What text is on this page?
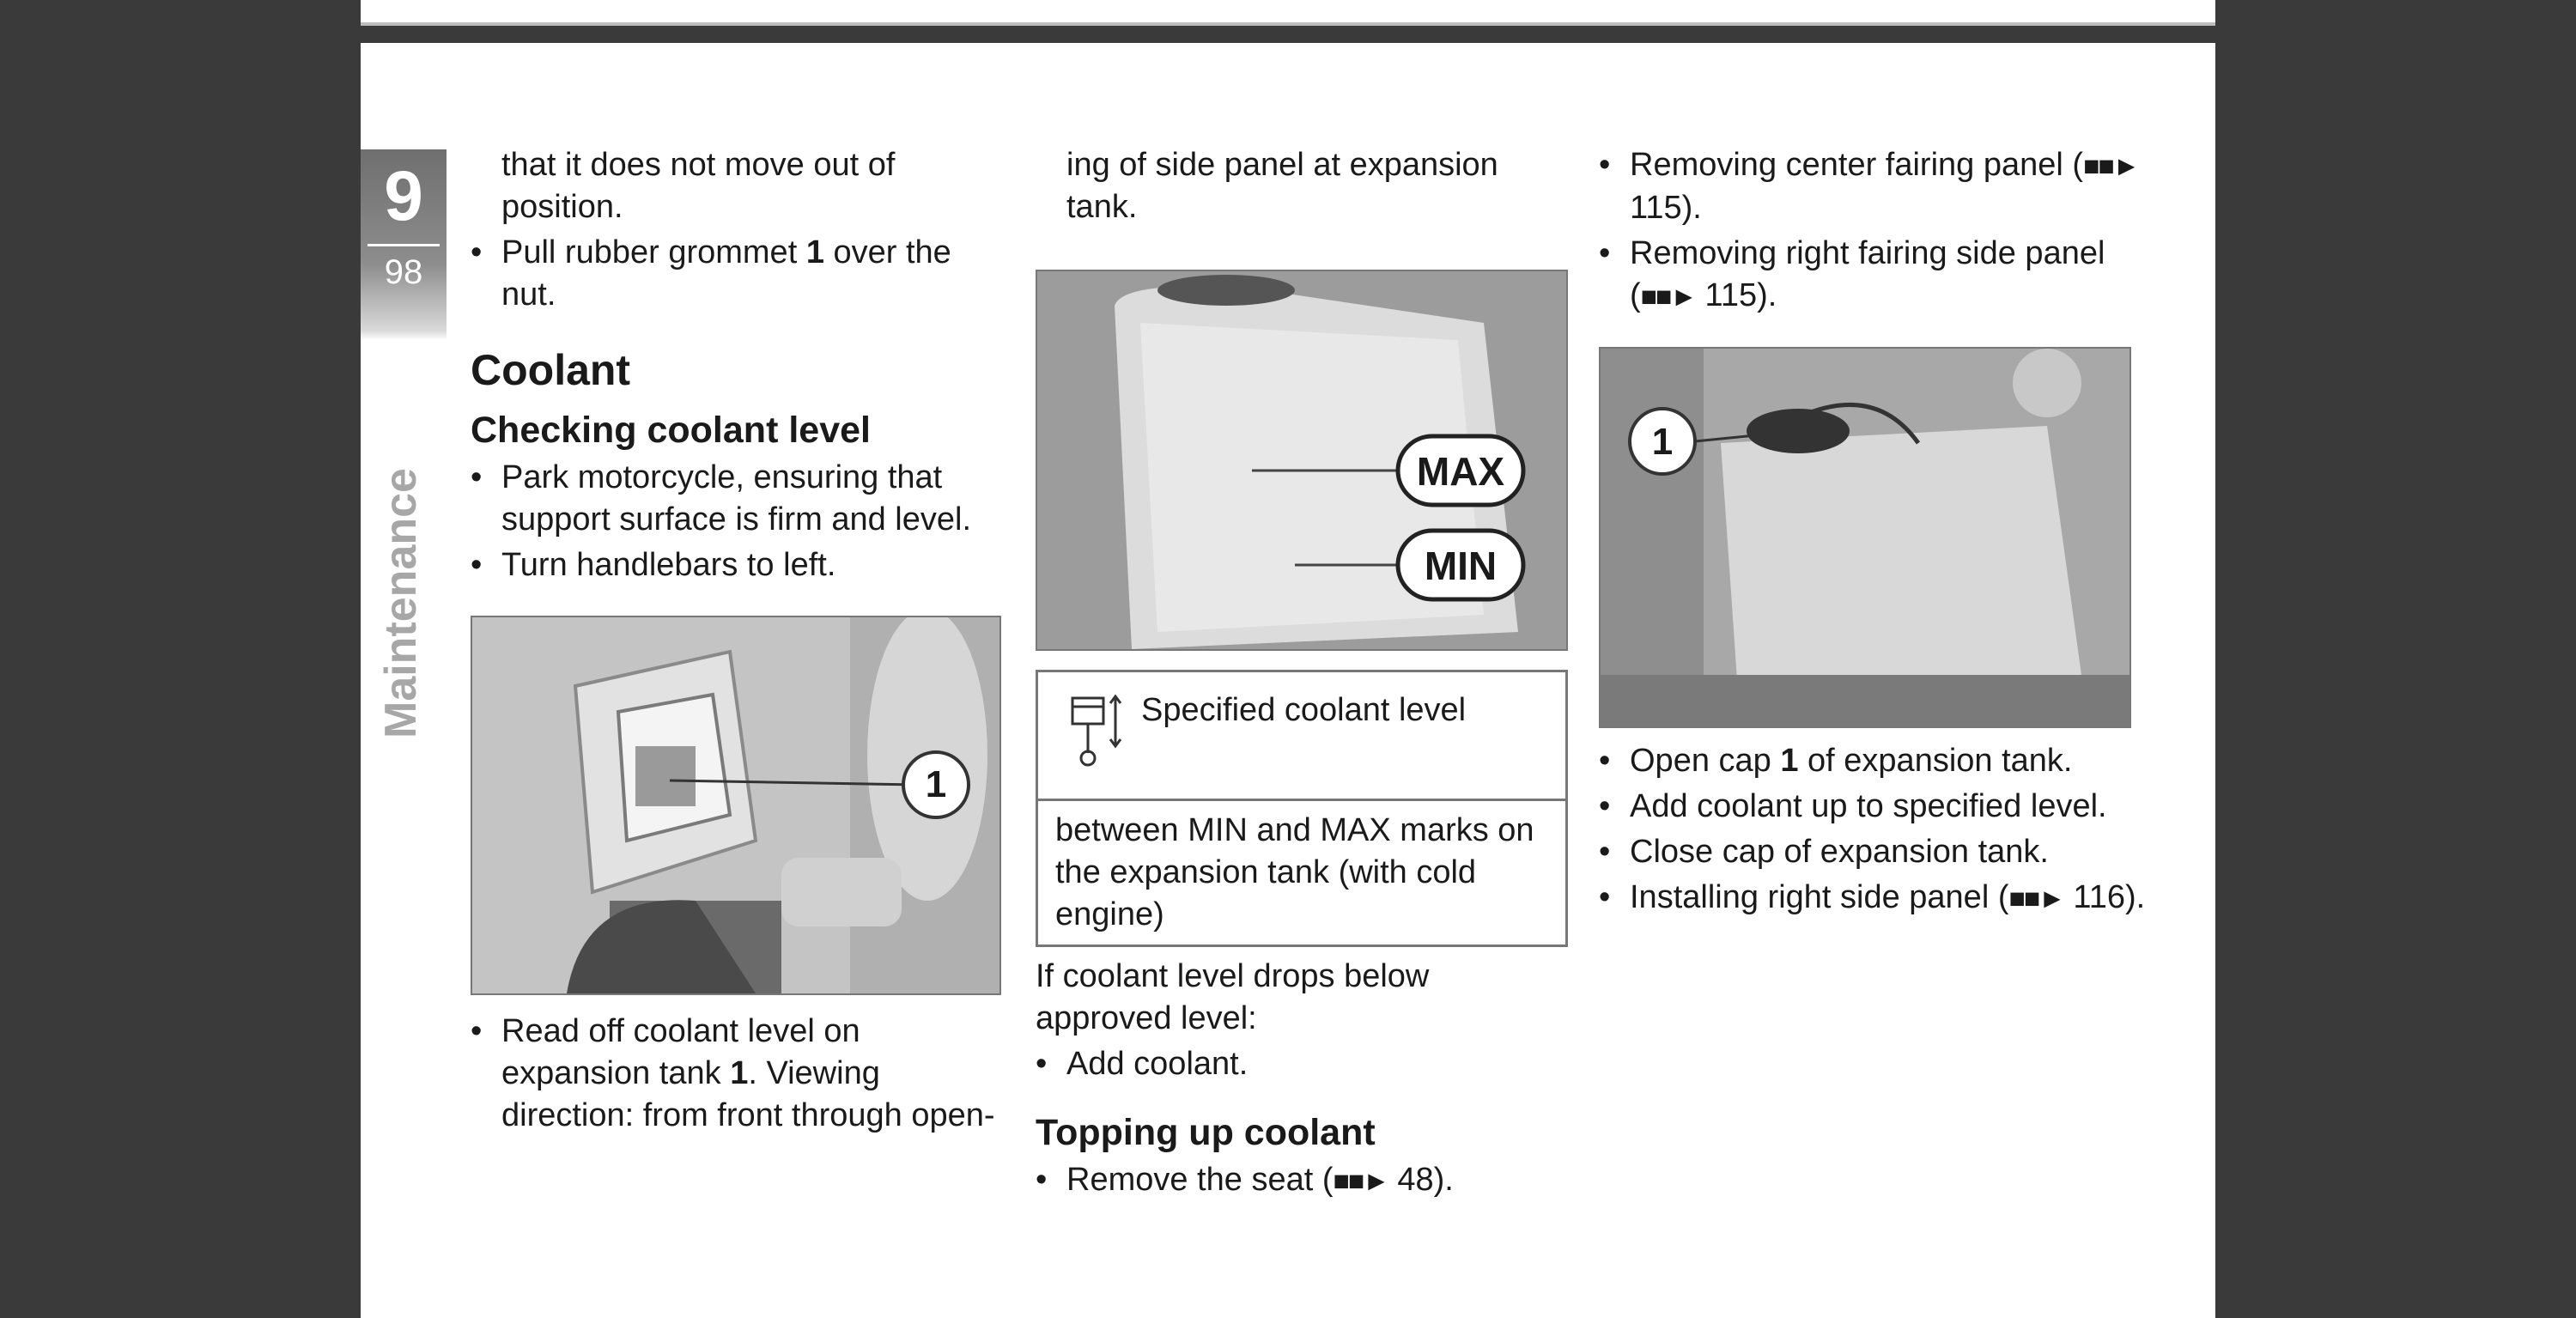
9
98
Maintenance
that it does not move out of position.
• Pull rubber grommet 1 over the nut.
Coolant
Checking coolant level
• Park motorcycle, ensuring that support surface is firm and level.
• Turn handlebars to left.
1
• Read off coolant level on expansion tank 1. Viewing direction: from front through open-
ing of side panel at expansion tank.
MAX
MIN
Specified coolant level
between MIN and MAX marks on the expansion tank (with cold engine)
If coolant level drops below approved level:
• Add coolant.
Topping up coolant
• Remove the seat (■■► 48).
• Removing center fairing panel (■■► 115).
• Removing right fairing side panel (■■► 115).
1
• Open cap 1 of expansion tank.
• Add coolant up to specified level.
• Close cap of expansion tank.
• Installing right side panel (■■► 116).
